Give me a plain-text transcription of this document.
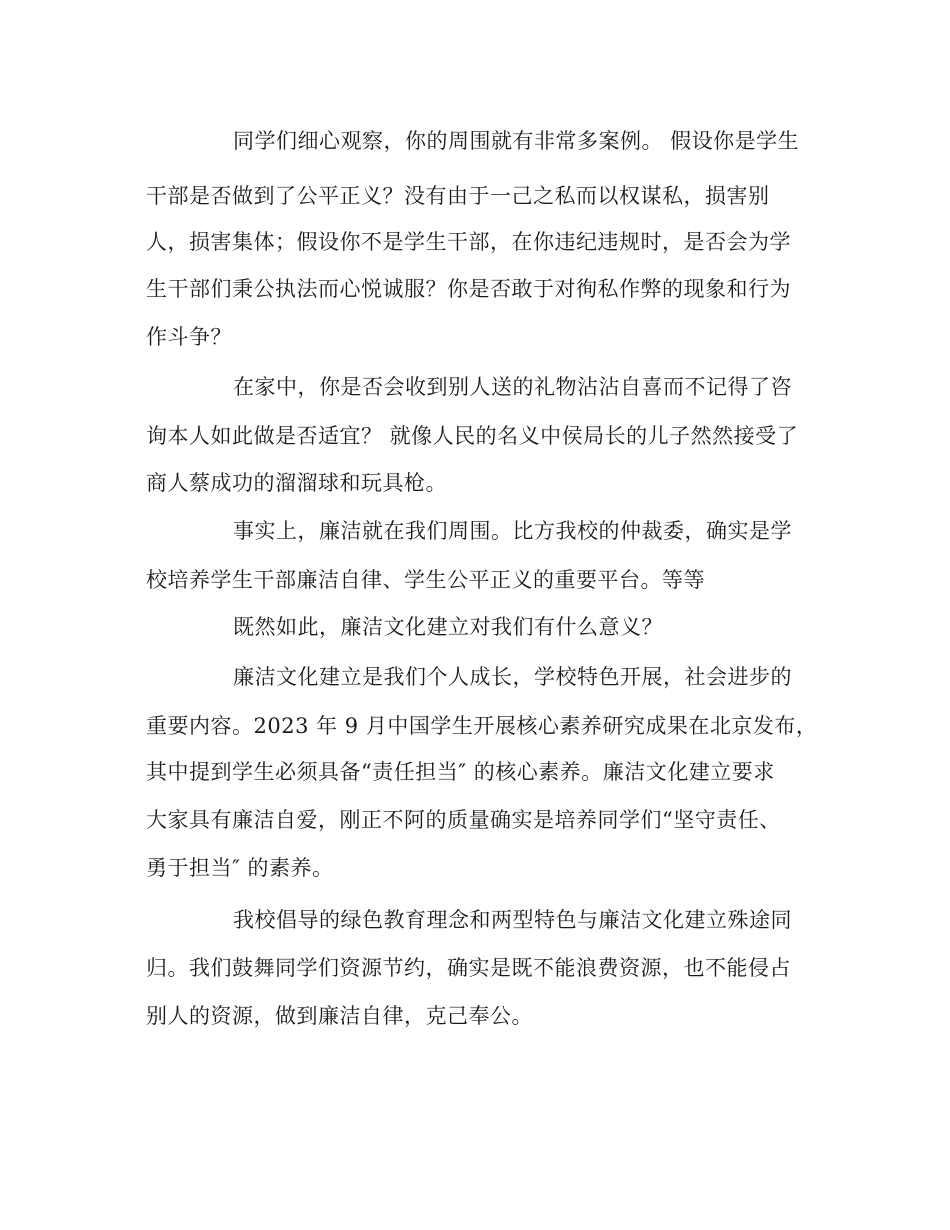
同学们细心观察，你的周围就有非常多案例。 假设你是学生
干部是否做到了公平正义？没有由于一己之私而以权谋私，损害别
人，损害集体；假设你不是学生干部，在你违纪违规时，是否会为学
生干部们秉公执法而心悦诚服？你是否敢于对徇私作弊的现象和行为
作斗争？
在家中，你是否会收到别人送的礼物沾沾自喜而不记得了咨
询本人如此做是否适宜？ 就像人民的名义中侯局长的儿子然然接受了
商人蔡成功的溜溜球和玩具枪。
事实上，廉洁就在我们周围。比方我校的仲裁委，确实是学
校培养学生干部廉洁自律、学生公平正义的重要平台。等等
既然如此，廉洁文化建立对我们有什么意义？
廉洁文化建立是我们个人成长，学校特色开展，社会进步的
重要内容。2023 年 9 月中国学生开展核心素养研究成果在北京发布，
其中提到学生必须具备“责任担当″ 的核心素养。廉洁文化建立要求
大家具有廉洁自爱，刚正不阿的质量确实是培养同学们“坚守责任、
勇于担当″ 的素养。
我校倡导的绿色教育理念和两型特色与廉洁文化建立殊途同
归。我们鼓舞同学们资源节约，确实是既不能浪费资源，也不能侵占
别人的资源，做到廉洁自律，克己奉公。
